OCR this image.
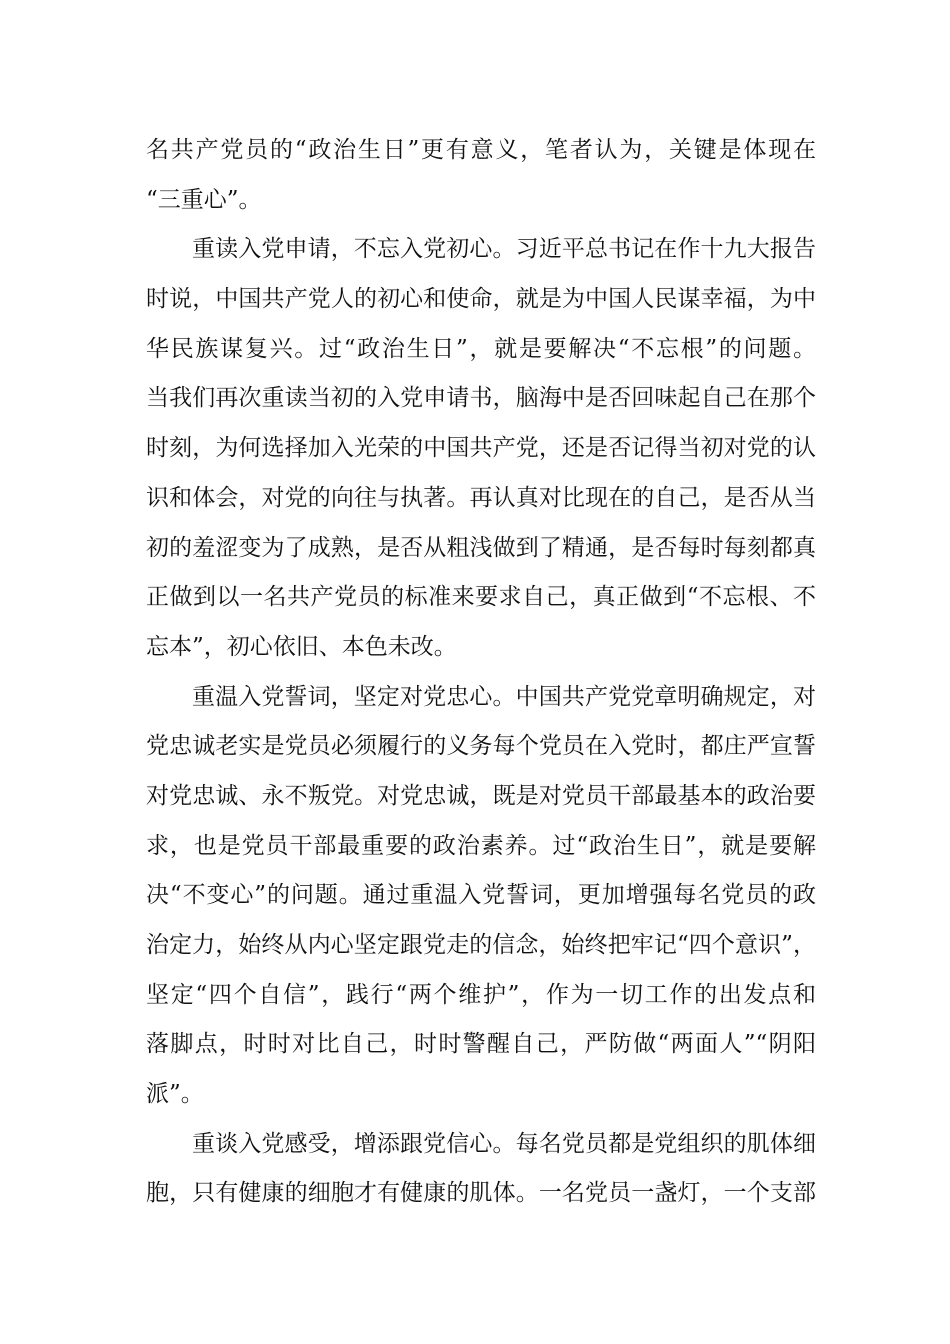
名共产党员的“政治生日”更有意义，笔者认为，关键是体现在
“三重心”。
重读入党申请，不忘入党初心。习近平总书记在作十九大报告
时说，中国共产党人的初心和使命，就是为中国人民谋幸福，为中
华民族谋复兴。过“政治生日”，就是要解决“不忘根”的问题。
当我们再次重读当初的入党申请书，脑海中是否回味起自己在那个
时刻，为何选择加入光荣的中国共产党，还是否记得当初对党的认
识和体会，对党的向往与执著。再认真对比现在的自己，是否从当
初的羞涩变为了成熟，是否从粗浅做到了精通，是否每时每刻都真
正做到以一名共产党员的标准来要求自己，真正做到“不忘根、不
忘本”，初心依旧、本色未改。
重温入党誓词，坚定对党忠心。中国共产党党章明确规定，对
党忠诚老实是党员必须履行的义务每个党员在入党时，都庄严宣誓
对党忠诚、永不叛党。对党忠诚，既是对党员干部最基本的政治要
求，也是党员干部最重要的政治素养。过“政治生日”，就是要解
决“不变心”的问题。通过重温入党誓词，更加增强每名党员的政
治定力，始终从内心坚定跟党走的信念，始终把牢记“四个意识”，
坚定“四个自信”，践行“两个维护”，作为一切工作的出发点和
落脚点，时时对比自己，时时警醒自己，严防做“两面人”“阴阳
派”。
重谈入党感受，增添跟党信心。每名党员都是党组织的肌体细
胞，只有健康的细胞才有健康的肌体。一名党员一盏灯，一个支部
